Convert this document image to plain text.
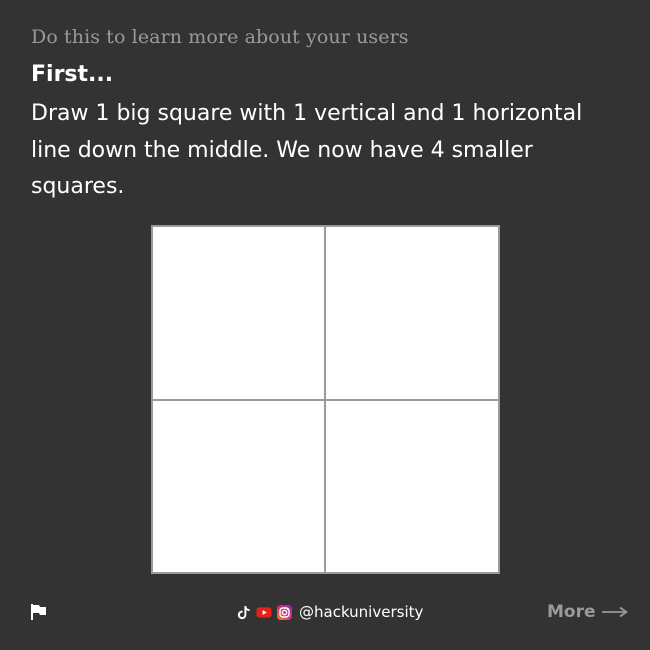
Do this to learn more about your users
First...
Draw 1 big square with 1 vertical and 1 horizontal line down the middle. We now have 4 smaller squares.
@hackuniversity	More
